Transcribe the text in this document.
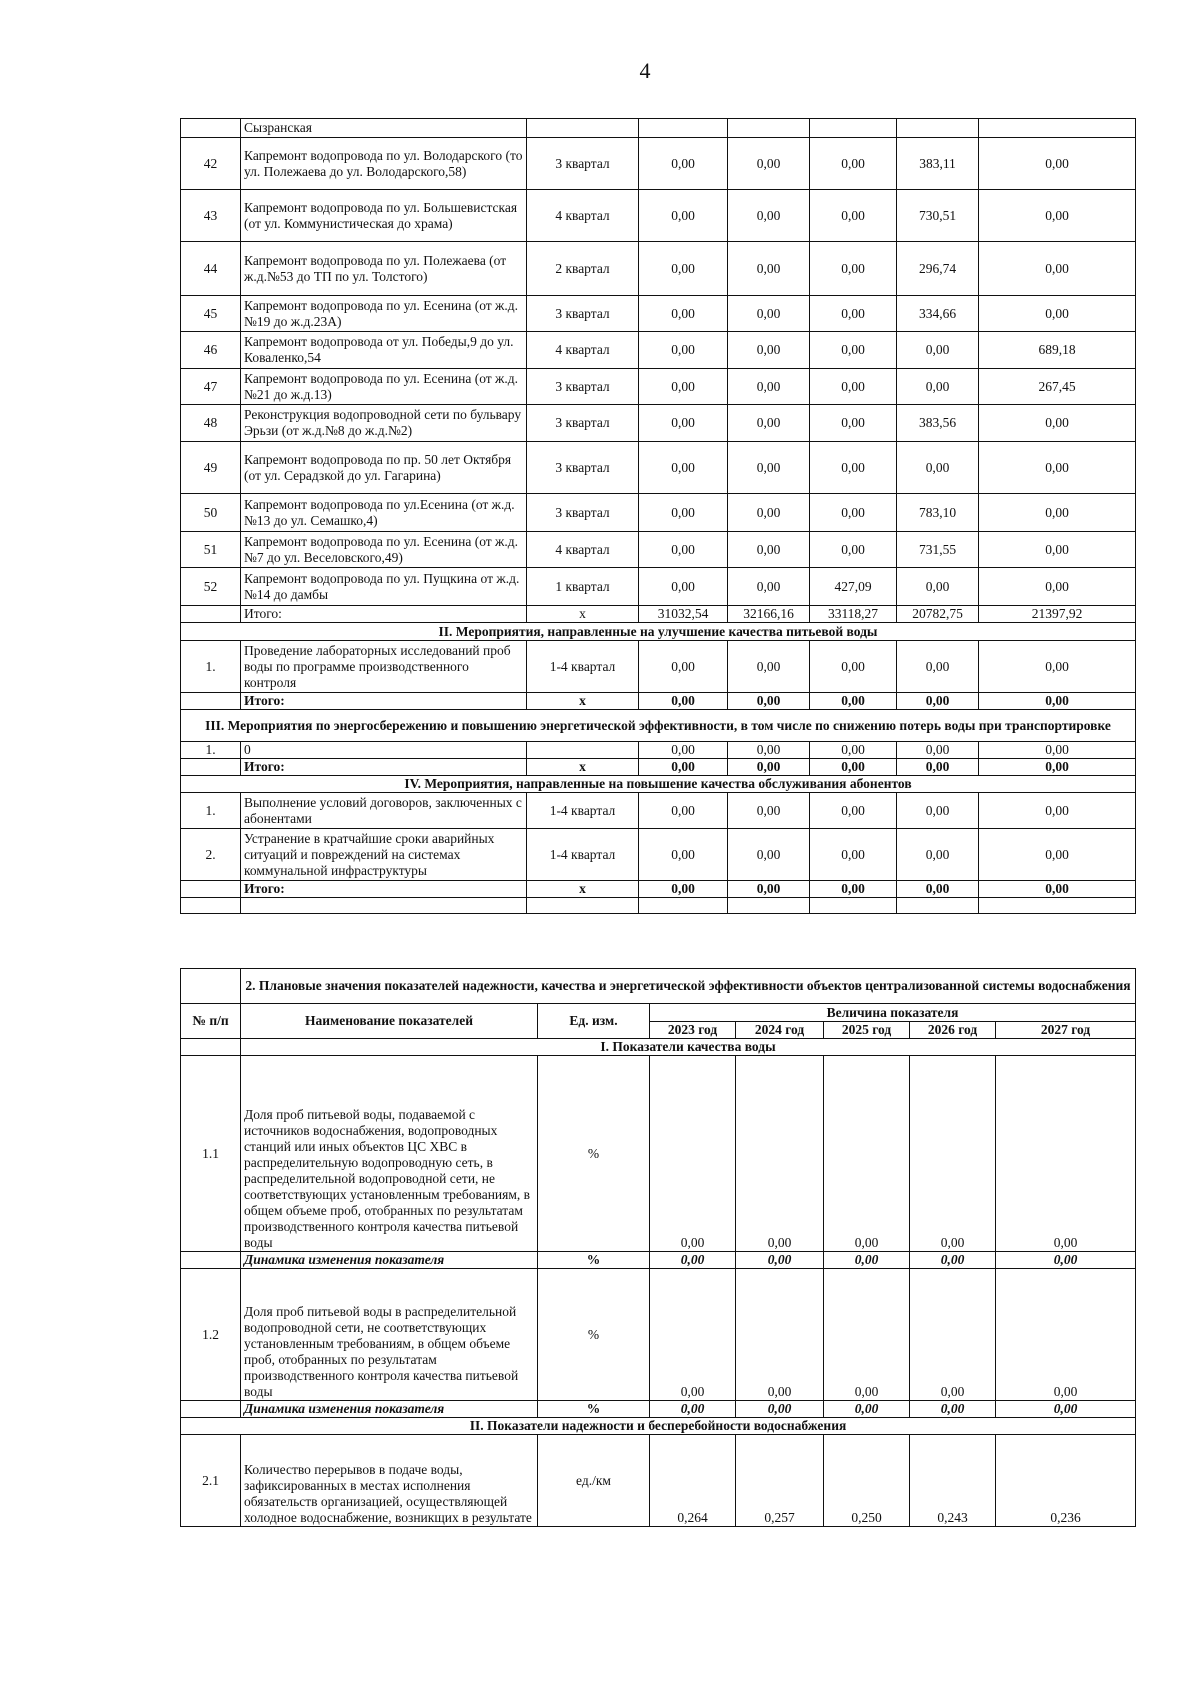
4
	Сызранская						
42	Капремонт водопровода по ул. Володарского (то ул. Полежаева до ул. Володарского,58)	3 квартал	0,00	0,00	0,00	383,11	0,00
43	Капремонт водопровода по ул. Большевистская (от ул. Коммунистическая до храма)	4 квартал	0,00	0,00	0,00	730,51	0,00
44	Капремонт водопровода по ул. Полежаева (от ж.д.№53 до ТП по ул. Толстого)	2 квартал	0,00	0,00	0,00	296,74	0,00
45	Капремонт водопровода по ул. Есенина (от ж.д.№19 до ж.д.23А)	3 квартал	0,00	0,00	0,00	334,66	0,00
46	Капремонт водопровода от ул. Победы,9 до ул. Коваленко,54	4 квартал	0,00	0,00	0,00	0,00	689,18
47	Капремонт водопровода по ул. Есенина (от ж.д.№21 до ж.д.13)	3 квартал	0,00	0,00	0,00	0,00	267,45
48	Реконструкция водопроводной сети по бульвару Эрьзи (от ж.д.№8 до ж.д.№2)	3 квартал	0,00	0,00	0,00	383,56	0,00
49	Капремонт водопровода по пр. 50 лет Октября (от ул. Серадзкой до ул. Гагарина)	3 квартал	0,00	0,00	0,00	0,00	0,00
50	Капремонт водопровода по ул.Есенина (от ж.д.№13 до ул. Семашко,4)	3 квартал	0,00	0,00	0,00	783,10	0,00
51	Капремонт водопровода по ул. Есенина (от ж.д.№7 до ул. Веселовского,49)	4 квартал	0,00	0,00	0,00	731,55	0,00
52	Капремонт водопровода по ул. Пущкина от ж.д.№14 до дамбы	1 квартал	0,00	0,00	427,09	0,00	0,00
	Итого:	х	31032,54	32166,16	33118,27	20782,75	21397,92
II. Мероприятия, направленные на улучшение качества питьевой воды							
1.	Проведение лабораторных исследований проб воды по программе производственного контроля	1-4 квартал	0,00	0,00	0,00	0,00	0,00
	Итого:	х	0,00	0,00	0,00	0,00	0,00
III. Мероприятия по энергосбережению и повышению энергетической эффективности, в том числе по снижению потерь воды при транспортировке							
1.	0		0,00	0,00	0,00	0,00	0,00
	Итого:	х	0,00	0,00	0,00	0,00	0,00
IV. Мероприятия, направленные на повышение качества обслуживания абонентов							
1.	Выполнение условий договоров, заключенных с абонентами	1-4 квартал	0,00	0,00	0,00	0,00	0,00
2.	Устранение в кратчайшие сроки аварийных ситуаций и повреждений на системах коммунальной инфраструктуры	1-4 квартал	0,00	0,00	0,00	0,00	0,00
	Итого:	х	0,00	0,00	0,00	0,00	0,00

	2. Плановые значения показателей надежности, качества и энергетической эффективности объектов централизованной системы водоснабжения						
№ п/п	Наименование показателей	Ед. изм.	Величина показателя				
			2023 год	2024 год	2025 год	2026 год	2027 год
	I. Показатели качества воды						
1.1	Доля проб питьевой воды, подаваемой с источников водоснабжения, водопроводных станций или иных объектов ЦС ХВС в распределительную водопроводную сеть, в распределительной водопроводной сети, не соответствующих установленным требованиям, в общем объеме проб, отобранных по результатам производственного контроля качества питьевой воды	%	0,00	0,00	0,00	0,00	0,00
	Динамика изменения показателя	%	0,00	0,00	0,00	0,00	0,00
1.2	Доля проб питьевой воды в распределительной водопроводной сети, не соответствующих установленным требованиям, в общем объеме проб, отобранных по результатам производственного контроля качества питьевой воды	%	0,00	0,00	0,00	0,00	0,00
	Динамика изменения показателя	%	0,00	0,00	0,00	0,00	0,00
II. Показатели надежности и бесперебойности водоснабжения							
2.1	Количество перерывов в подаче воды, зафиксированных в местах исполнения обязательств организацией, осуществляющей холодное водоснабжение, возникщих в результате	ед./км	0,264	0,257	0,250	0,243	0,236
